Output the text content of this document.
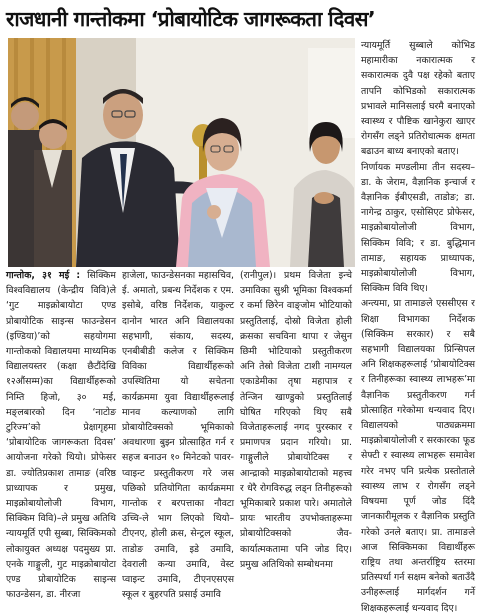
राजधानी गान्तोकमा ‘प्रोबायोटिक जागरूकता दिवस’
गान्तोक, ३१ मई : सिक्किम विश्वविद्यालय (केन्द्रीय विवि)ले ‘गुट माइक्रोबायोटा एण्ड प्रोबायोटिक साइन्स फाउन्डेसन (इण्डिया)’को सहयोगमा गान्तोकको विद्यालयमा माध्यमिक विद्यालयस्तर (कक्षा छैटौंदेखि १२औंसम्म)का विद्यार्थीहरूको निम्ति हिजो, ३० मई, मङ्लबारको दिन ‘नाटोङ टुरिज्म’को प्रेक्षागृहमा ‘प्रोबायोटिक जागरूकता दिवस’ आयोजना गरेको थियो। प्रोफेसर डा. ज्योतिप्रकाश तामाङ (वरिष्ठ प्राध्यापक र प्रमुख, माइक्रोबायोलोजी विभाग, सिक्किम विवि)–ले प्रमुख अतिथि न्यायमूर्ति एपी सुब्बा, सिक्किमको लोकायुक्त अध्यक्ष पदमुख्य प्रा. एनके गाङ्गुली, गुट माइक्रोबायोटा एण्ड प्रोबायोटिक साइन्स फाउन्डेसन, डा. नीरजा
हाजेला, फाउन्डेसनका महासचिव, ई. अमातो, प्रबन्ध निर्देशक र एम. इसोबे, वरिष्ठ निर्देशक, याकुल्ट दानोन भारत अनि विद्यालयका सहभागी, संकाय, सदस्य, एनबीबीडी कलेज र सिक्किम विविका विद्यार्थीहरूको उपस्थितिमा यो सचेतना कार्यक्रममा युवा विद्यार्थीहरूलाई मानव कल्याणको लागि प्रोबायोटिक्सको भूमिकाको अवधारणा बुझ्न प्रोत्साहित गर्न र सहज बनाउन १० मिनेटको पावर-प्वाइन्ट प्रस्तुतीकरण गरे जस पछिको प्रतियोगिता कार्यक्रममा गान्तोक र बरपत्ताका नौवटा उच्चि-ले भाग लिएको थियो– टीएनए, होली क्रस, सेन्ट्रल स्कूल, ताडोङ उमावि, इडे उमावि, देवराली कन्या उमावि, वेस्ट प्वाइन्ट उमावि, टीएनएसएस स्कूल र बुहरपति प्रसाई उमावि
(रानीपुल)। प्रथम विजेता इन्चे उमाविका सुश्री भूमिका विश्वकर्मा र कर्मा छिरेन वाङ्जोम भोटियाको प्रस्तुतिलाई, दोस्रो विजेता होली क्रसका सचविना थापा र जेसुन छिमी भोटियाको प्रस्तुतीकरण अनि तेस्रो विजेता टाशी नामग्यल एकाडेमीका तृषा महापात्र र तेन्जिन खाण्डुको प्रस्तुतिलाई घोषित गरिएको थिए सबै विजेताहरूलाई नगद पुरस्कार र प्रमाणपत्र प्रदान गरियो। प्रा. गाङ्गुलीले प्रोबायोटिक्स र आन्द्राको माइक्रोबायोटाको महत्त्व र धेरै रोगविरुद्ध लड्न तिनीहरूको भूमिकाबारे प्रकाश पारे। अमातोले प्रायः भारतीय उपभोक्ताहरूमा प्रोबायोटिक्सको जैव-कार्यात्मकतामा पनि जोड दिए। प्रमुख अतिथिको सम्बोधनमा
न्यायमूर्ति सुब्बाले कोभिड महामारीका नकारात्मक र सकारात्मक दुवै पक्ष रहेको बताए तापनि कोभिडको सकारात्मक प्रभावले मानिसलाई घरमै बनाएको स्वास्थ्य र पौष्टिक खानेकुरा खाएर रोगसँग लड्ने प्रतिरोधात्मक क्षमता बढाउन बाध्य बनाएको बताए।
निर्णायक मण्डलीमा तीन सदस्य– डा. के जेराम, वैज्ञानिक इन्चार्ज र वैज्ञानिक ईबीएसडी, ताडोङ; डा. नागेन्द्र ठाकुर, एसोसिएट प्रोफेसर, माइक्रोबायोलोजी विभाग, सिक्किम विवि; र डा. बुद्धिमान तामाङ, सहायक प्राध्यापक, माइक्रोबायोलोजी विभाग, सिक्किम विवि थिए।
अन्त्यमा, प्रा तामाङले एससीएस र शिक्षा विभागका निर्देशक (सिक्किम सरकार) र सबै सहभागी विद्यालयका प्रिन्सिपल अनि शिक्षकहरूलाई ‘प्रोबायोटिक्स र तिनीहरूका स्वास्थ्य लाभहरू’मा वैज्ञानिक प्रस्तुतीकरण गर्न प्रोत्साहित गरेकोमा धन्यवाद दिए। विद्यालयको पाठ्यक्रममा माइक्रोबायोलोजी र सरकारका फूड सेफ्टी र स्वास्थ्य लाभहरू समावेश गरेर नभए पनि प्रत्येक प्रस्तोताले स्वास्थ्य लाभ र रोगसँग लड्ने विषयमा पूर्ण जोड दिंदै जानकारीमूलक र वैज्ञानिक प्रस्तुति गरेको उनले बताए। प्रा. तामाङले आज सिक्किमका विद्यार्थीहरू राष्ट्रिय तथा अन्तर्राष्ट्रिय स्तरमा प्रतिस्पर्धा गर्न सक्षम बनेको बताउँदै उनीहरूलाई मार्गदर्शन गर्ने शिक्षकहरूलाई धन्यवाद दिए।
